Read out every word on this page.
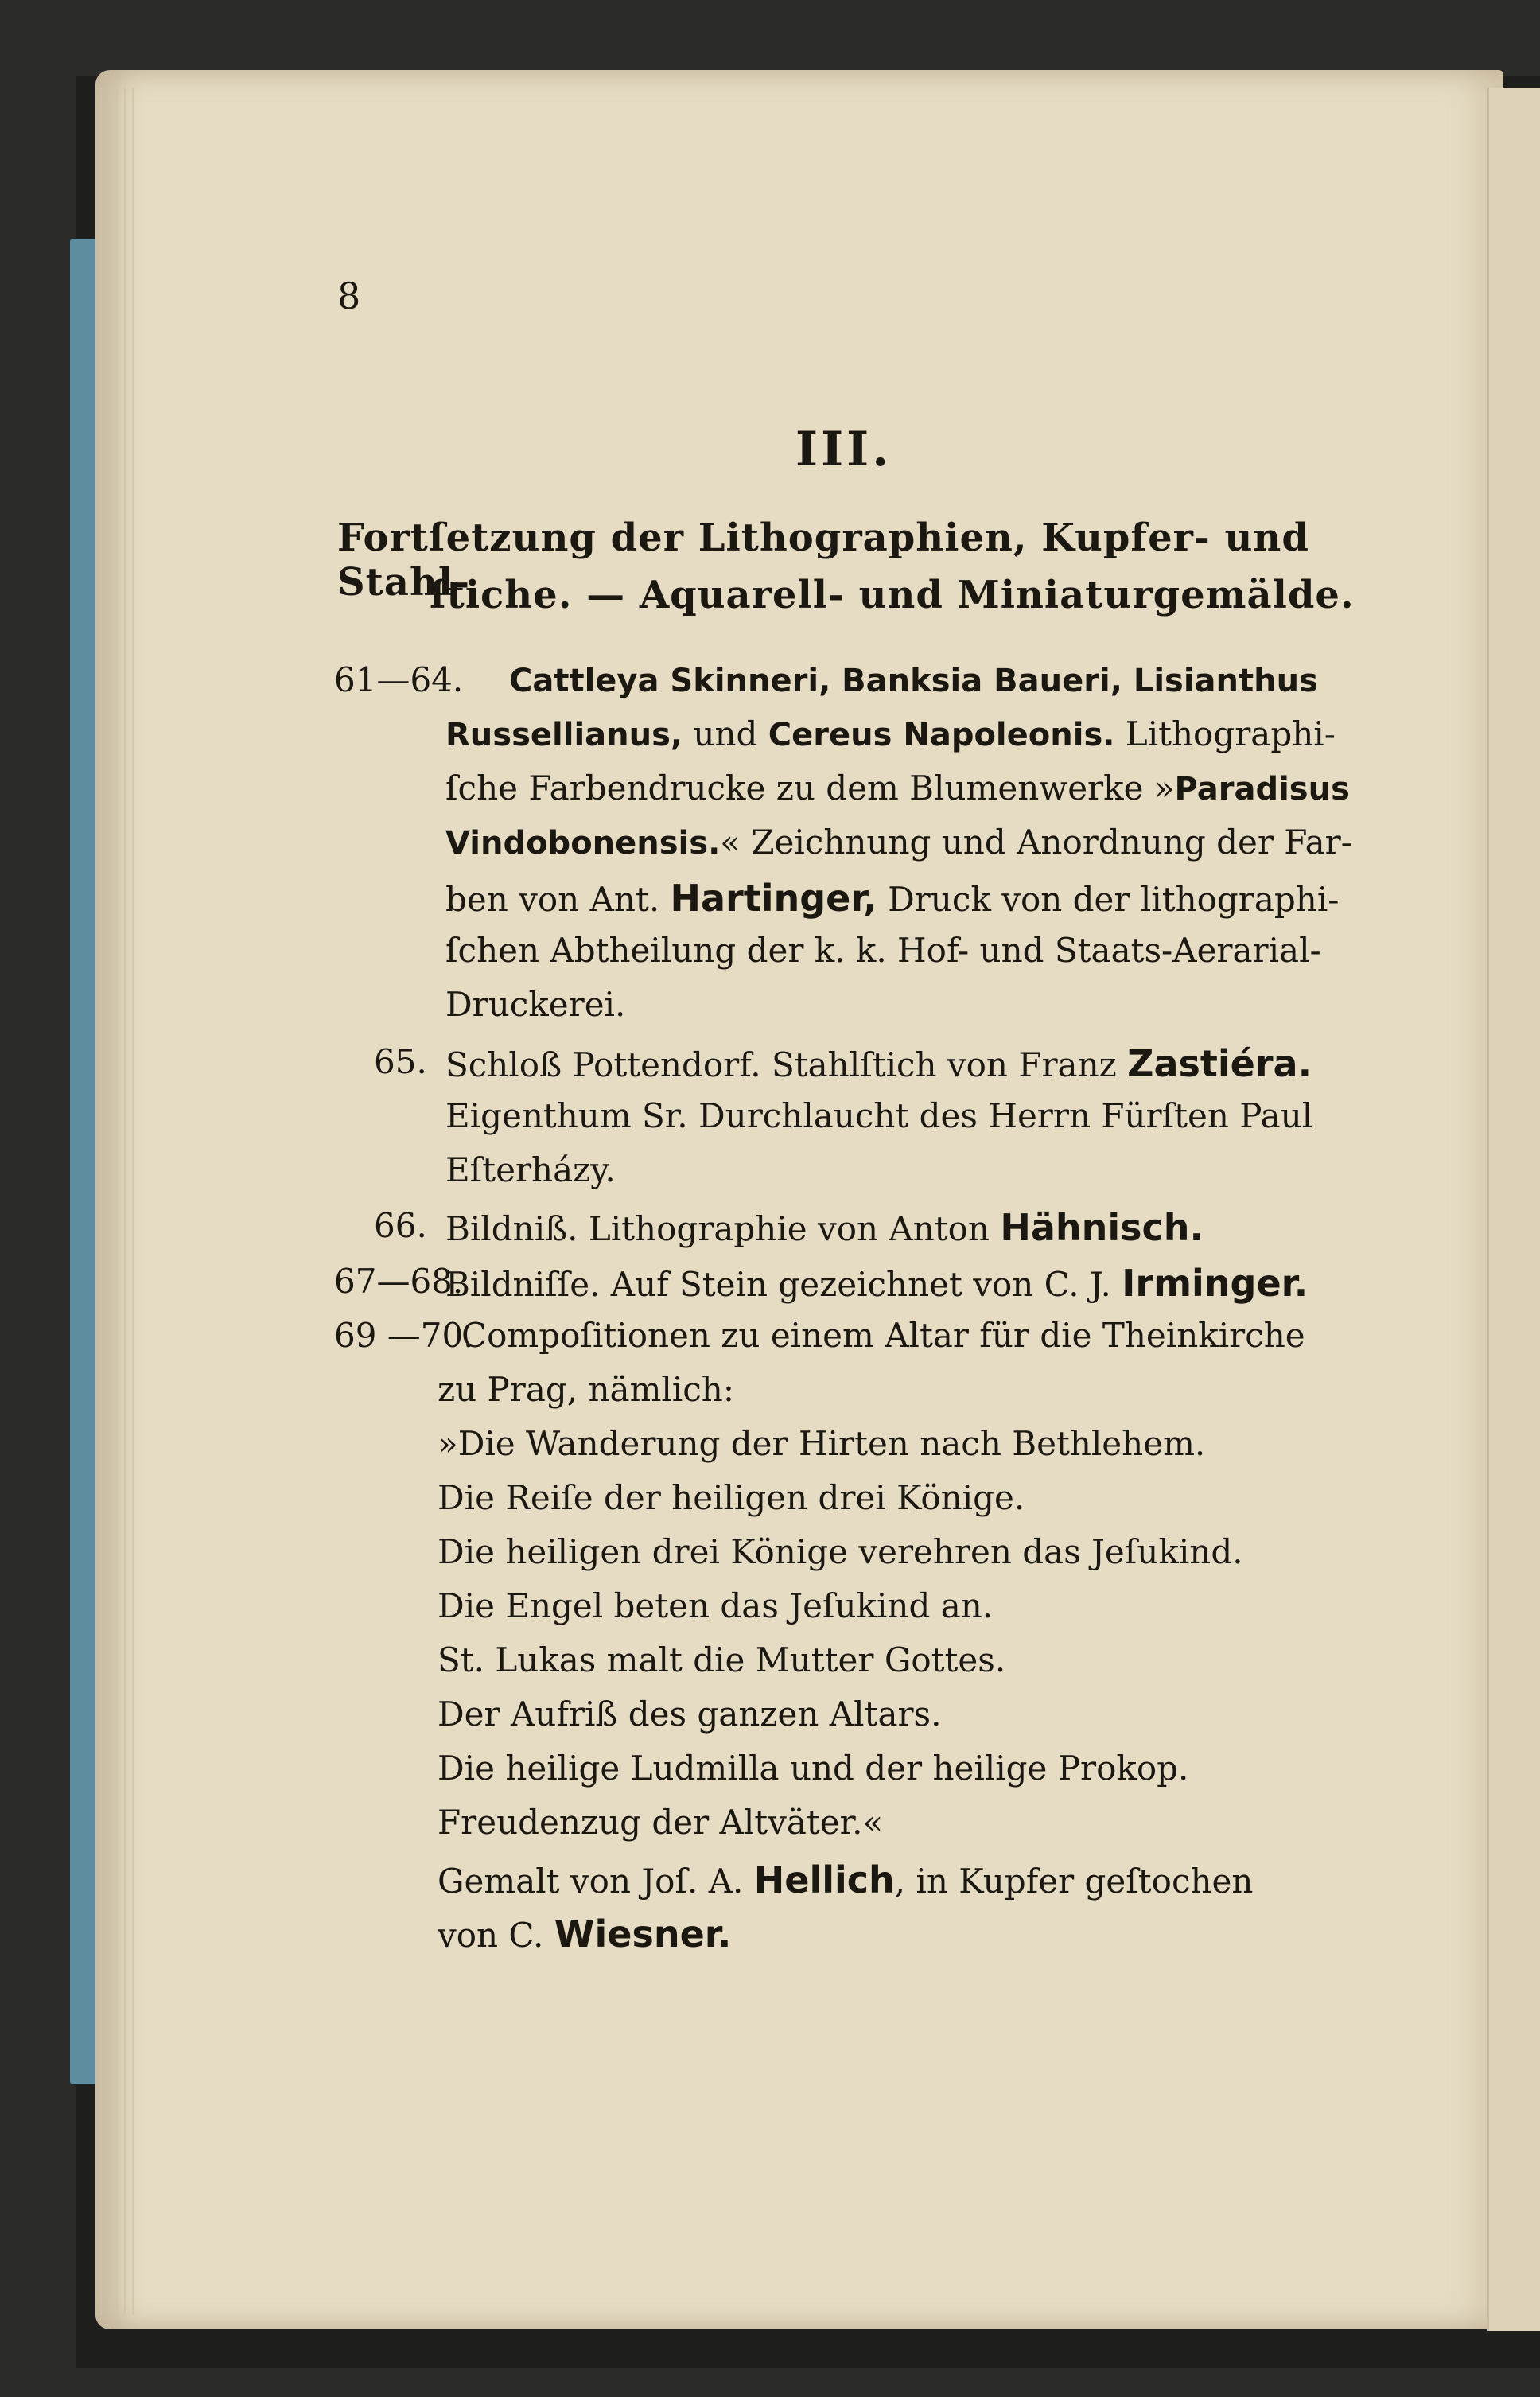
8
III.
Fortſetzung der Lithographien, Kupfer- und Stahl-
ſtiche. — Aquarell- und Miniaturgemälde.
61—64. Cattleya Skinneri, Banksia Baueri, Lisianthus
Russellianus, und Cereus Napoleonis. Lithographi-
ſche Farbendrucke zu dem Blumenwerke »Paradisus
Vindobonensis.« Zeichnung und Anordnung der Far-
ben von Ant. Hartinger, Druck von der lithographi-
ſchen Abtheilung der k. k. Hof- und Staats-Aerarial-
Druckerei.
65. Schloß Pottendorf. Stahlſtich von Franz Zastiéra.
Eigenthum Sr. Durchlaucht des Herrn Fürſten Paul
Eſterházy.
66. Bildniß. Lithographie von Anton Hähnisch.
67—68.
Bildniſſe. Auf Stein gezeichnet von C. J. Irminger.
69 —70.
Compoſitionen zu einem Altar für die Theinkirche
zu Prag, nämlich:
»Die Wanderung der Hirten nach Bethlehem.
Die Reiſe der heiligen drei Könige.
Die heiligen drei Könige verehren das Jeſukind.
Die Engel beten das Jeſukind an.
St. Lukas malt die Mutter Gottes.
Der Aufriß des ganzen Altars.
Die heilige Ludmilla und der heilige Prokop.
Freudenzug der Altväter.«
Gemalt von Joſ. A. Hellich, in Kupfer geſtochen
von C. Wiesner.
